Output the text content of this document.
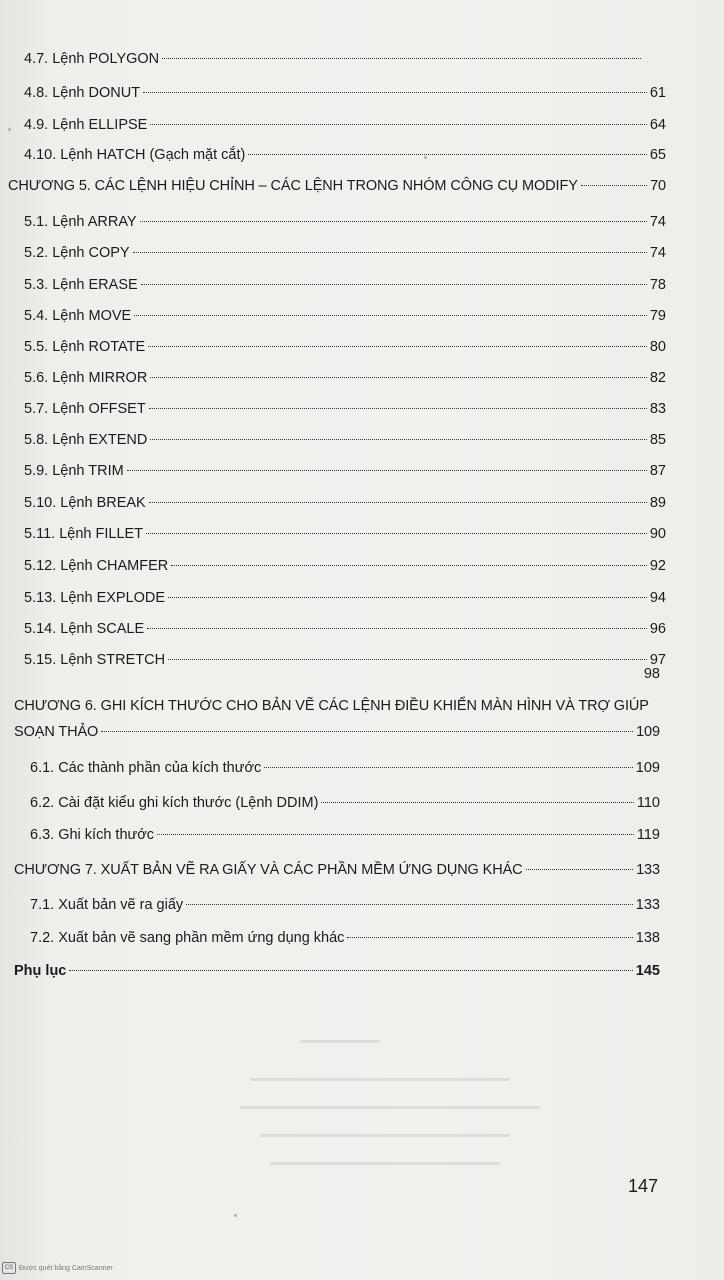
4.7. Lệnh POLYGON
4.8. Lệnh DONUT	61
4.9. Lệnh ELLIPSE	64
4.10. Lệnh HATCH (Gạch mặt cắt)	65
CHƯƠNG 5. CÁC LỆNH HIỆU CHỈNH – CÁC LỆNH TRONG NHÓM CÔNG CỤ MODIFY	70
5.1. Lệnh ARRAY	74
5.2. Lệnh COPY	74
5.3. Lệnh ERASE	78
5.4. Lệnh MOVE	79
5.5. Lệnh ROTATE	80
5.6. Lệnh MIRROR	82
5.7. Lệnh OFFSET	83
5.8. Lệnh EXTEND	85
5.9. Lệnh TRIM	87
5.10. Lệnh BREAK	89
5.11. Lệnh FILLET	90
5.12. Lệnh CHAMFER	92
5.13. Lệnh EXPLODE	94
5.14. Lệnh SCALE	96
5.15. Lệnh STRETCH	97
98
CHƯƠNG 6. GHI KÍCH THƯỚC CHO BẢN VẼ CÁC LỆNH ĐIỀU KHIỂN MÀN HÌNH VÀ TRỢ GIÚP
SOẠN THẢO	109
6.1. Các thành phần của kích thước	109
6.2. Cài đặt kiểu ghi kích thước (Lệnh DDIM)	110
6.3. Ghi kích thước	119
CHƯƠNG 7. XUẤT BẢN VẼ RA GIẤY VÀ CÁC PHẦN MỀM ỨNG DỤNG KHÁC	133
7.1. Xuất bản vẽ ra giấy	133
7.2. Xuất bản vẽ sang phần mềm ứng dụng khác	138
Phụ lục	145
147
CS Được quét bằng CamScanner
